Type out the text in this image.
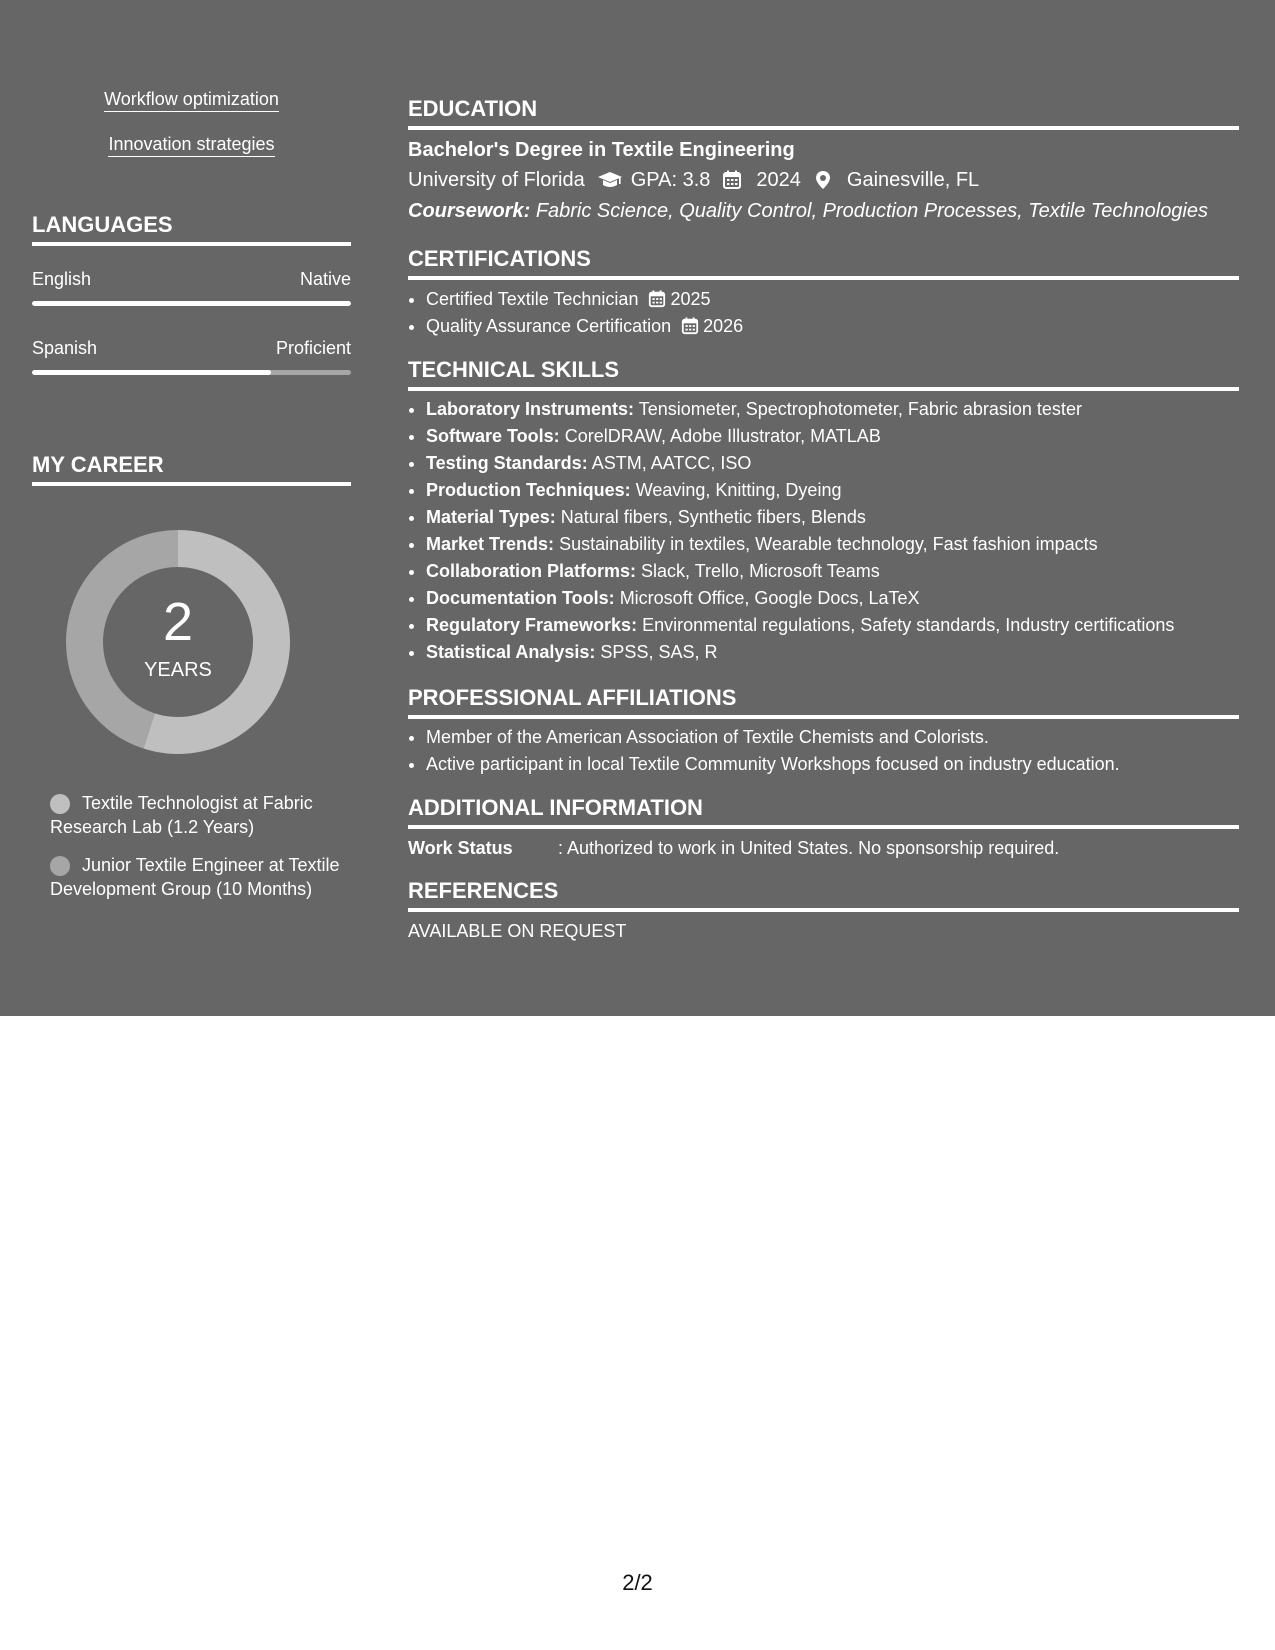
Workflow optimization
Innovation strategies
LANGUAGES
English	Native
Spanish	Proficient
MY CAREER
2
YEARS
Textile Technologist at Fabric Research Lab (1.2 Years)
Junior Textile Engineer at Textile Development Group (10 Months)
EDUCATION
Bachelor's Degree in Textile Engineering
University of Florida GPA: 3.8 2024 Gainesville, FL
Coursework: Fabric Science, Quality Control, Production Processes, Textile Technologies
CERTIFICATIONS
• Certified Textile Technician 2025
• Quality Assurance Certification 2026
TECHNICAL SKILLS
• Laboratory Instruments: Tensiometer, Spectrophotometer, Fabric abrasion tester
• Software Tools: CorelDRAW, Adobe Illustrator, MATLAB
• Testing Standards: ASTM, AATCC, ISO
• Production Techniques: Weaving, Knitting, Dyeing
• Material Types: Natural fibers, Synthetic fibers, Blends
• Market Trends: Sustainability in textiles, Wearable technology, Fast fashion impacts
• Collaboration Platforms: Slack, Trello, Microsoft Teams
• Documentation Tools: Microsoft Office, Google Docs, LaTeX
• Regulatory Frameworks: Environmental regulations, Safety standards, Industry certifications
• Statistical Analysis: SPSS, SAS, R
PROFESSIONAL AFFILIATIONS
• Member of the American Association of Textile Chemists and Colorists.
• Active participant in local Textile Community Workshops focused on industry education.
ADDITIONAL INFORMATION
Work Status	: Authorized to work in United States. No sponsorship required.
REFERENCES
AVAILABLE ON REQUEST
2/2
